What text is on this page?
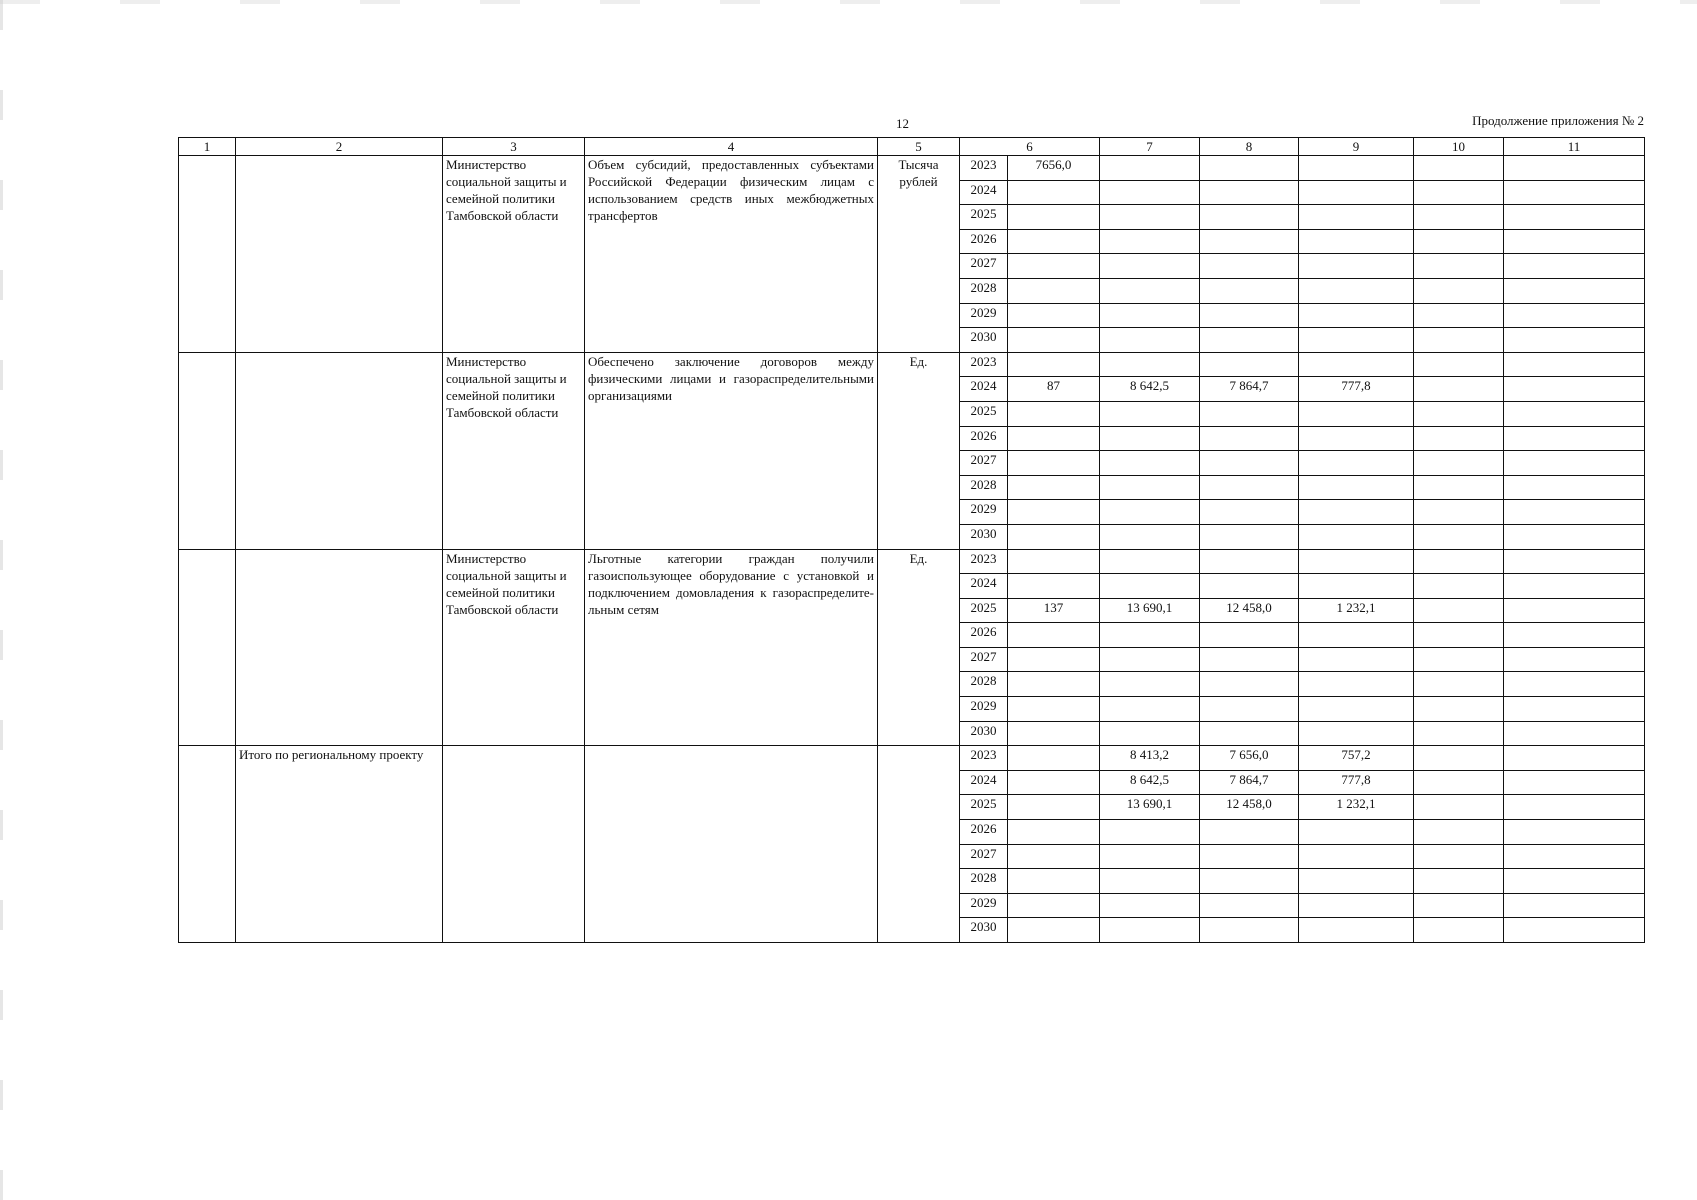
12	Продолжение приложения № 2
1	2	3	4	5	6		7	8	9	10	11
		Министерство социальной защиты и семейной политики Тамбовской области	Объем субсидий, предоставленных субъектами Российской Федерации физическим лицам с использованием средств иных межбюджетных трансфертов	Тысяча рублей	2023	7656,0					
					2024						
					2025						
					2026						
					2027						
					2028						
					2029						
					2030						
		Министерство социальной защиты и семейной политики Тамбовской области	Обеспечено заключение договоров между физическими лицами и газораспределительными организациями	Ед.	2023						
					2024	87	8 642,5	7 864,7	777,8		
					2025						
					2026						
					2027						
					2028						
					2029						
					2030						
		Министерство социальной защиты и семейной политики Тамбовской области	Льготные категории граждан получили газоиспользующее оборудование с установкой и подключением домовладения к газораспределите-льным сетям	Ед.	2023						
					2024						
					2025	137	13 690,1	12 458,0	1 232,1		
					2026						
					2027						
					2028						
					2029						
					2030						
	Итого по региональному проекту				2023		8 413,2	7 656,0	757,2		
					2024		8 642,5	7 864,7	777,8		
					2025		13 690,1	12 458,0	1 232,1		
					2026						
					2027						
					2028						
					2029						
					2030						
